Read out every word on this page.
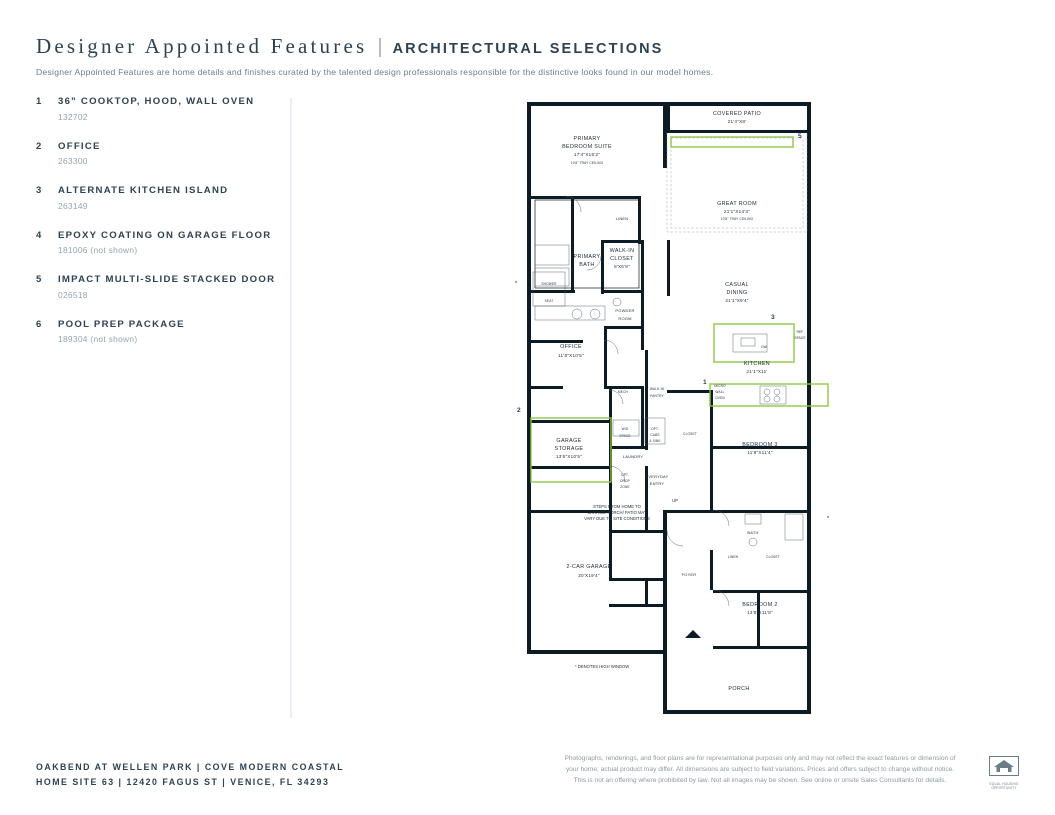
Designer Appointed Features | ARCHITECTURAL SELECTIONS
Designer Appointed Features are home details and finishes curated by the talented design professionals responsible for the distinctive looks found in our model homes.
1 36" COOKTOP, HOOD, WALL OVEN
132702
2 OFFICE
263300
3 ALTERNATE KITCHEN ISLAND
263149
4 EPOXY COATING ON GARAGE FLOOR
181006 (not shown)
5 IMPACT MULTI-SLIDE STACKED DOOR
026518
6 POOL PREP PACKAGE
189304 (not shown)
5
2
3
1
*
*
COVERED PATIO
21'4"X8'
PRIMARY
BEDROOM SUITE
17'4"X15'2"
10'8" TRAY CEILING
GREAT ROOM
21'1"X14'3"
10'8" TRAY CEILING
LINEN
PRIMARY
BATH
WALK-IN
CLOSET
8'X6'8"
CASUAL
DINING
21'1"X9'4"
SHOWER
SEAT
POWDER
ROOM
OFFICE
11'8"X10'5"
KITCHEN
21'1"X11'
REF
SPACE
DW
MICRO
WALL
OVEN
MECH
WALK-IN
PANTRY
GARAGE
STORAGE
13'6"X10'5"
W/D
SPACE
OPT.
CABS
& SINK
LAUNDRY
CLOSET
BEDROOM 3
11'8"X11'4"
OPT.
DROP
ZONE
EVERYDAY
ENTRY
BATH
LINEN	CLOSET
2-CAR GARAGE
20'X19'4"	FOYER
BEDROOM 2
13'8"X11'8"
PORCH
STEPS FROM HOME TO
GARAGE/ PORCH/ PATIO MAY
VARY DUE TO SITE CONDITIONS
UP
* DENOTES HIGH WINDOW
OAKBEND AT WELLEN PARK | COVE MODERN COASTAL
HOME SITE 63 | 12420 FAGUS ST | VENICE, FL 34293
Photographs, renderings, and floor plans are for representational purposes only and may not reflect the exact features or dimension of
your home; actual product may differ. All dimensions are subject to field variations. Prices and offers subject to change without notice.
This is not an offering where prohibited by law. Not all images may be shown. See online or onsite Sales Consultants for details.
EQUAL HOUSING OPPORTUNITY
